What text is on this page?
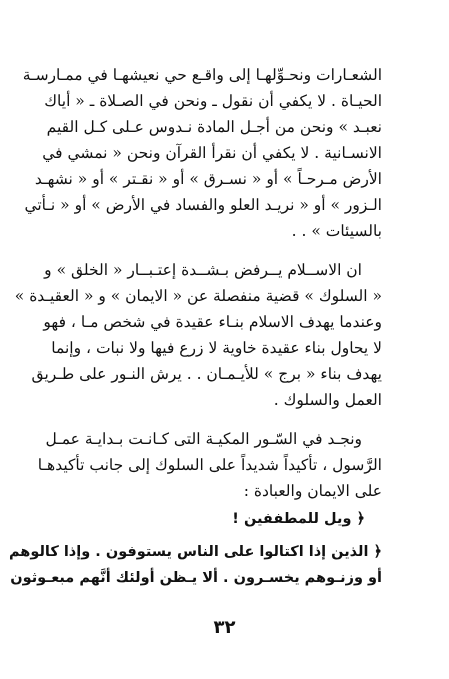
الشعـارات ونحـوِّلهـا إلى واقـع حي نعيشهـا في ممـارسـة
الحيـاة . لا يكفي أن نقول ـ ونحن في الصـلاة ـ « أياك
نعبـد » ونحن من أجـل المادة نـدوس عـلى كـل القيم
الانسـانية . لا يكفي أن نقرأ القرآن ونحن « نمشي في
الأرض مـرحـاً » أو « نسـرق » أو « نقـتر » أو « نشهـد
الـزور » أو « نريـد العلو والفساد في الأرض » أو « نـأتي
بالسيئات » . .
ان الاســلام يــرفض بـشــدة إعتـبــار « الخلق » و
« السلوك » قضية منفصلة عن « الايمان » و « العقيـدة »
وعندما يهدف الاسلام بنـاء عقيدة في شخص مـا ، فهو
لا يحاول بناء عقيدة خاوية لا زرع فيها ولا نبات ، وإنما
يهدف بناء « برج » للأيـمـان . . يرش النـور على طـريق
العمل والسلوك .
ونجـد في السّـور المكيـة التى كـانـت بـدايـة عمـل
الرَّسول ، تأكيداً شديداً على السلوك إلى جانب تأكيدهـا
على الايمان والعبادة :
﴿ ويل للمطففين !
﴿ الذين إذا اكتالوا على الناس يستوفون . وإذا كالوهم
أو وزنـوهم يخسـرون . ألا يـظن أولئك أنَّهم مبعـوثون
٣٢
